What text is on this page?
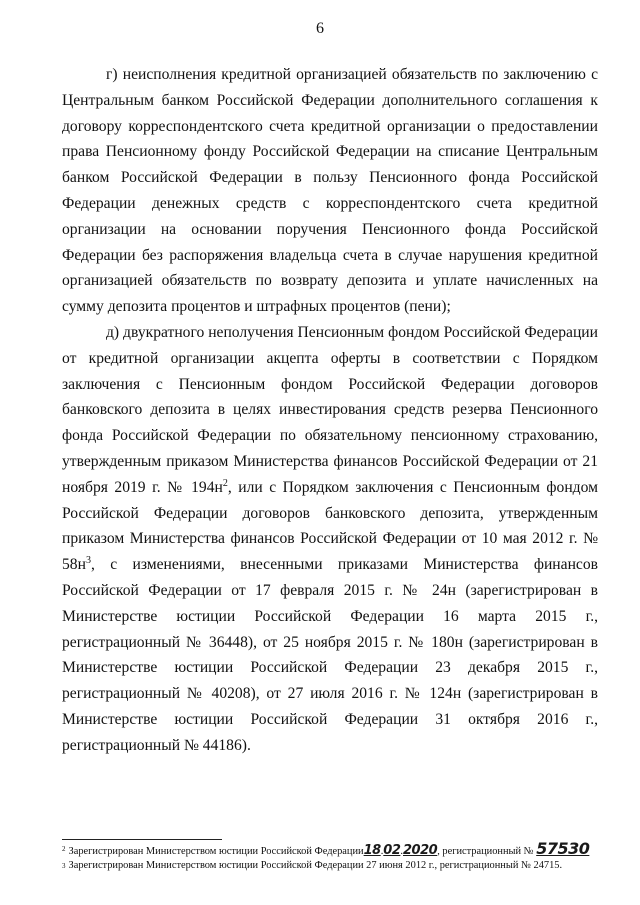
6

г) неисполнения кредитной организацией обязательств по заключению с Центральным банком Российской Федерации дополнительного соглашения к договору корреспондентского счета кредитной организации о предоставлении права Пенсионному фонду Российской Федерации на списание Центральным банком Российской Федерации в пользу Пенсионного фонда Российской Федерации денежных средств с корреспондентского счета кредитной организации на основании поручения Пенсионного фонда Российской Федерации без распоряжения владельца счета в случае нарушения кредитной организацией обязательств по возврату депозита и уплате начисленных на сумму депозита процентов и штрафных процентов (пени);

д) двукратного неполучения Пенсионным фондом Российской Федерации от кредитной организации акцепта оферты в соответствии с Порядком заключения с Пенсионным фондом Российской Федерации договоров банковского депозита в целях инвестирования средств резерва Пенсионного фонда Российской Федерации по обязательному пенсионному страхованию, утвержденным приказом Министерства финансов Российской Федерации от 21 ноября 2019 г. № $194н^2$, или с Порядком заключения с Пенсионным фондом Российской Федерации договоров банковского депозита, утвержденным приказом Министерства финансов Российской Федерации от 10 мая 2012 г. № $58н^3$, с изменениями, внесенными приказами Министерства финансов Российской Федерации от 17 февраля 2015 г. № 24н (зарегистрирован в Министерстве юстиции Российской Федерации 16 марта 2015 г., регистрационный № 36448), от 25 ноября 2015 г. № 180н (зарегистрирован в Министерстве юстиции Российской Федерации 23 декабря 2015 г., регистрационный № 40208), от 27 июля 2016 г. № 124н (зарегистрирован в Министерстве юстиции Российской Федерации 31 октября 2016 г., регистрационный № 44186).

$^2$ Зарегистрирован Министерством юстиции Российской Федерации18.02.2020, регистрационный № 57530
$^3$ Зарегистрирован Министерством юстиции Российской Федерации 27 июня 2012 г., регистрационный № 24715.
